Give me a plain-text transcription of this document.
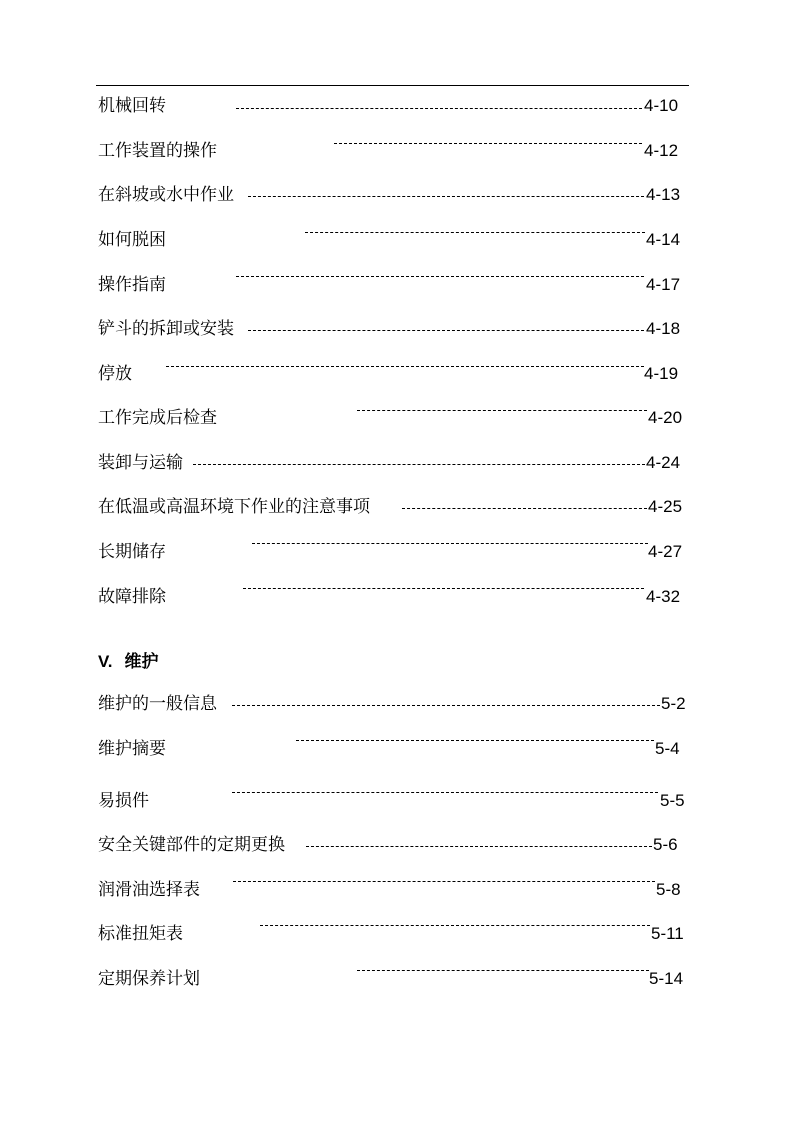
机械回转	4-10
工作装置的操作	4-12
在斜坡或水中作业	4-13
如何脱困	4-14
操作指南	4-17
铲斗的拆卸或安装	4-18
停放	4-19
工作完成后检查	4-20
装卸与运输	4-24
在低温或高温环境下作业的注意事项	4-25
长期储存	4-27
故障排除	4-32
V. 维护
维护的一般信息	5-2
维护摘要	5-4
易损件	5-5
安全关键部件的定期更换	5-6
润滑油选择表	5-8
标准扭矩表	5-11
定期保养计划	5-14
